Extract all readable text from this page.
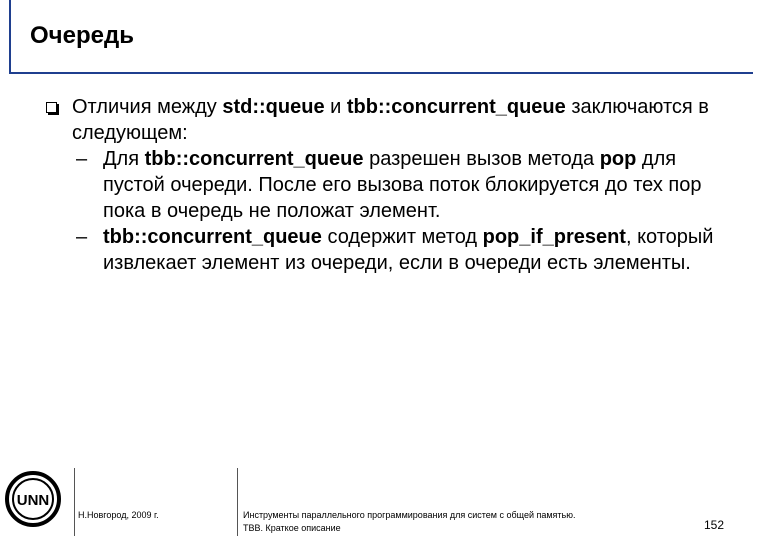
Очередь
Отличия между std::queue и tbb::concurrent_queue заключаются в следующем:
– Для tbb::concurrent_queue разрешен вызов метода pop для пустой очереди. После его вызова поток блокируется до тех пор пока в очередь не положат элемент.
– tbb::concurrent_queue содержит метод pop_if_present, который извлекает элемент из очереди, если в очереди есть элементы.
UNN
Н.Новгород, 2009 г.	Инструменты параллельного программирования для систем с общей памятью.
TBB. Краткое описание	152
